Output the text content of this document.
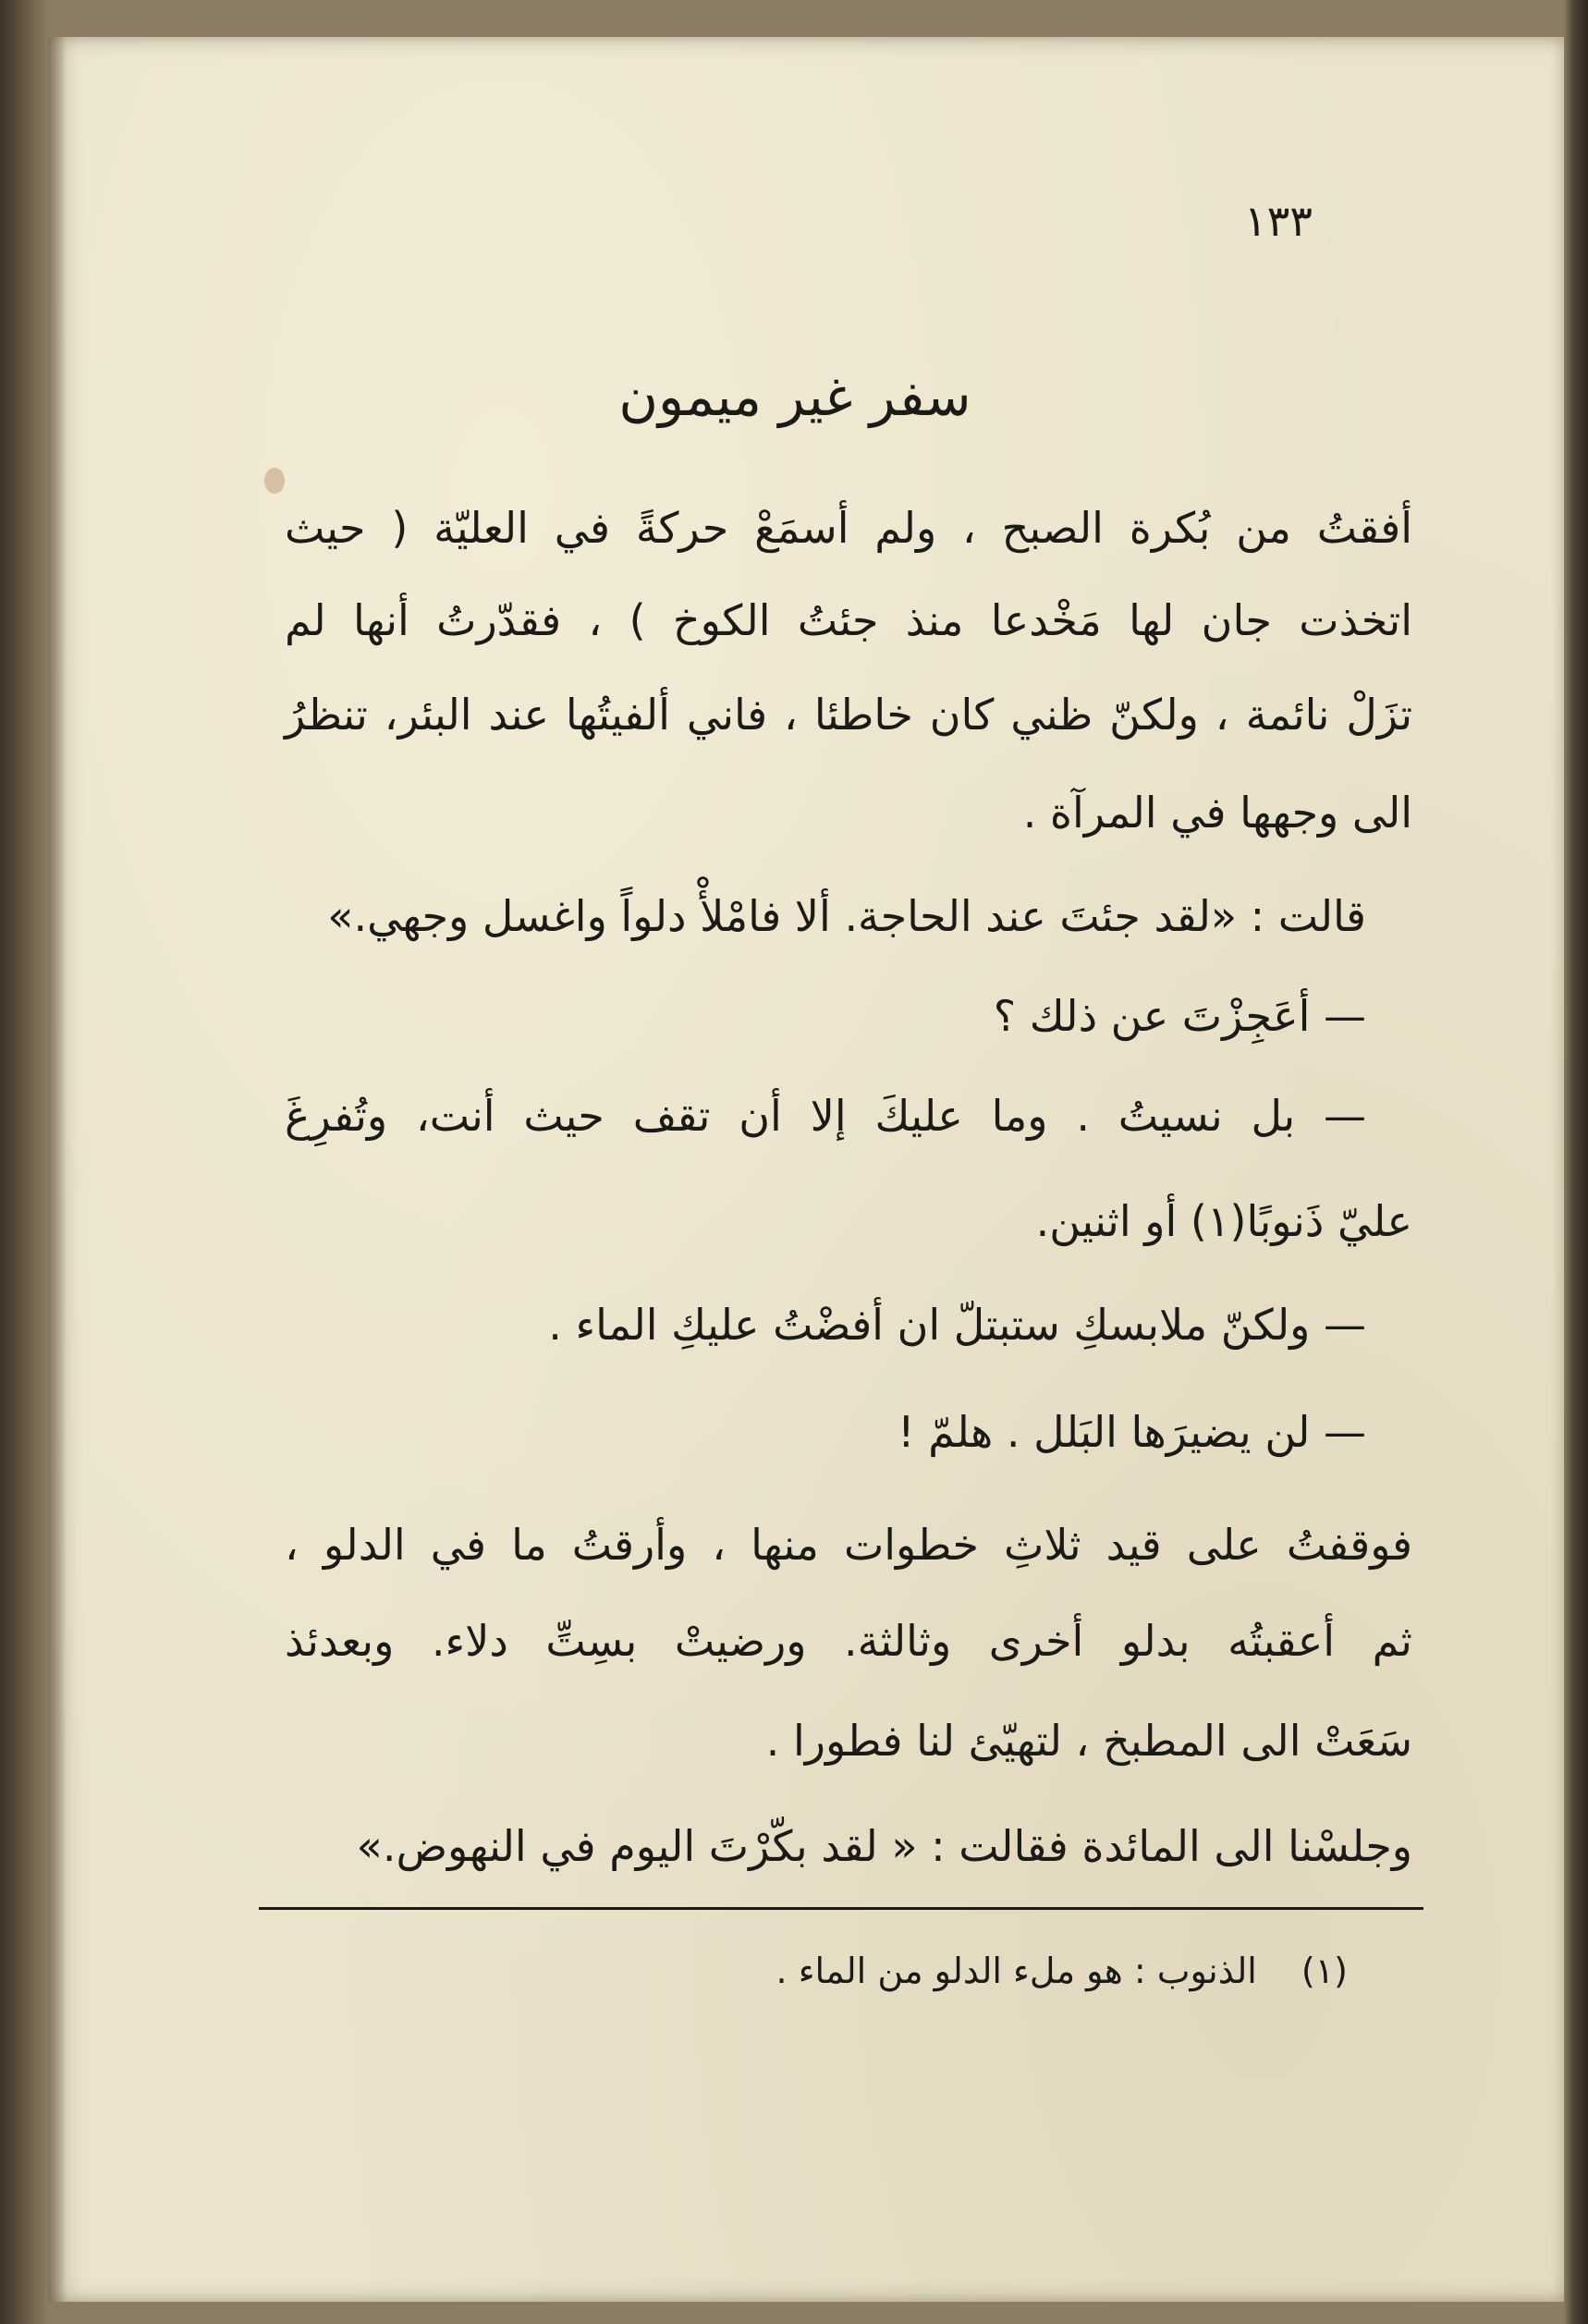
١٣٣
سفر غير ميمون
أفقتُ من بُكرة الصبح ، ولم أسمَعْ حركةً في العليّة ( حيث
اتخذت جان لها مَخْدعا منذ جئتُ الكوخ ) ، فقدّرتُ أنها لم
تزَلْ نائمة ، ولكنّ ظني كان خاطئا ، فاني ألفيتُها عند البئر، تنظرُ
الى وجهها في المرآة .
قالت : «لقد جئتَ عند الحاجة. ألا فامْلأْ دلواً واغسل وجهي.»
— أعَجِزْتَ عن ذلك ؟
— بل نسيتُ . وما عليكَ إلا أن تقف حيث أنت، وتُفرِغَ
عليّ ذَنوبًا(١) أو اثنين.
— ولكنّ ملابسكِ ستبتلّ ان أفضْتُ عليكِ الماء .
— لن يضيرَها البَلل . هلمّ !
فوقفتُ على قيد ثلاثِ خطوات منها ، وأرقتُ ما في الدلو ،
ثم أعقبتُه بدلو أخرى وثالثة. ورضيتْ بسِتِّ دلاء. وبعدئذ
سَعَتْ الى المطبخ ، لتهيّئ لنا فطورا .
وجلسْنا الى المائدة فقالت : « لقد بكّرْتَ اليوم في النهوض.»
(١) الذنوب : هو ملء الدلو من الماء .
